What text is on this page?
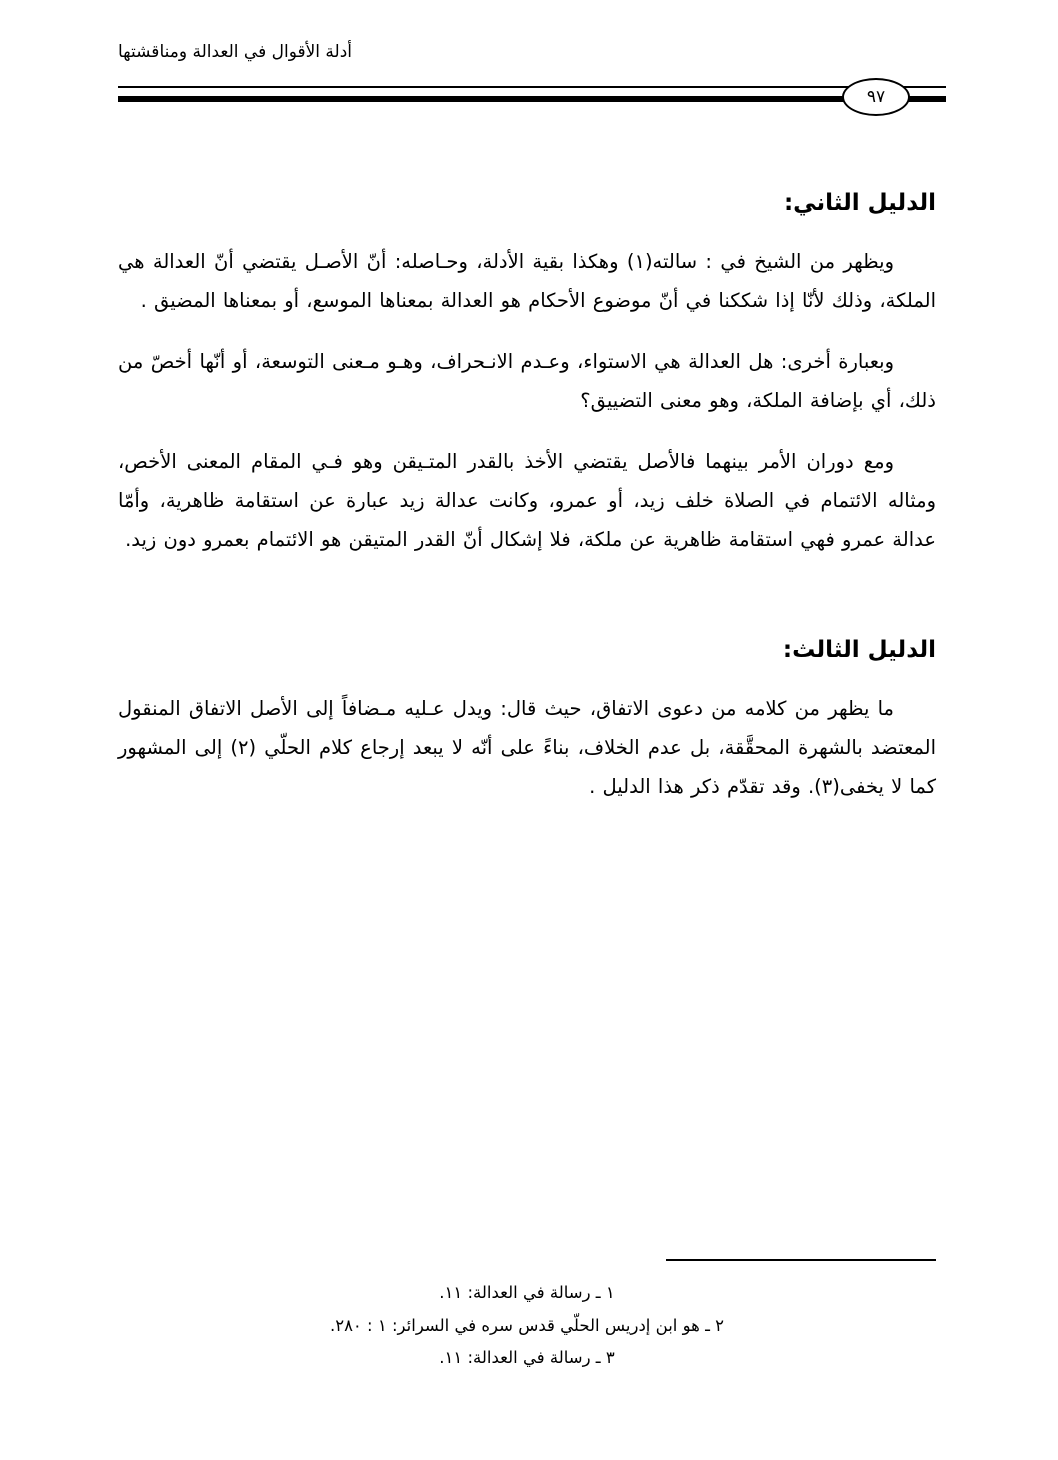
أدلة الأقوال في العدالة ومناقشتها
٩٧
الدليل الثاني:

ويظهر من الشيخ في : سالته(١) وهكذا بقية الأدلة، وحـاصله: أنّ الأصـل يقتضي أنّ العدالة هي الملكة، وذلك لأنّا إذا شككنا في أنّ موضوع الأحكام هو العدالة بمعناها الموسع، أو بمعناها المضيق .

وبعبارة أخرى: هل العدالة هي الاستواء، وعـدم الانـحراف، وهـو مـعنى التوسعة، أو أنّها أخصّ من ذلك، أي بإضافة الملكة، وهو معنى التضييق؟

ومع دوران الأمر بينهما فالأصل يقتضي الأخذ بالقدر المتـيقن وهو فـي المقام المعنى الأخص، ومثاله الائتمام في الصلاة خلف زيد، أو عمرو، وكانت عدالة زيد عبارة عن استقامة ظاهرية، وأمّا عدالة عمرو فهي استقامة ظاهرية عن ملكة، فلا إشكال أنّ القدر المتيقن هو الائتمام بعمرو دون زيد.

الدليل الثالث:

ما يظهر من كلامه من دعوى الاتفاق، حيث قال: ويدل عـليه مـضافاً إلى الأصل الاتفاق المنقول المعتضد بالشهرة المحقَّقة، بل عدم الخلاف، بناءً على أنّه لا يبعد إرجاع كلام الحلّي (٢) إلى المشهور كما لا يخفى(٣). وقد تقدّم ذكر هذا الدليل .

١ ـ رسالة في العدالة: ١١.
٢ ـ هو ابن إدريس الحلّي قدس سره في السرائر: ١ : ٢٨٠.
٣ ـ رسالة في العدالة: ١١.
